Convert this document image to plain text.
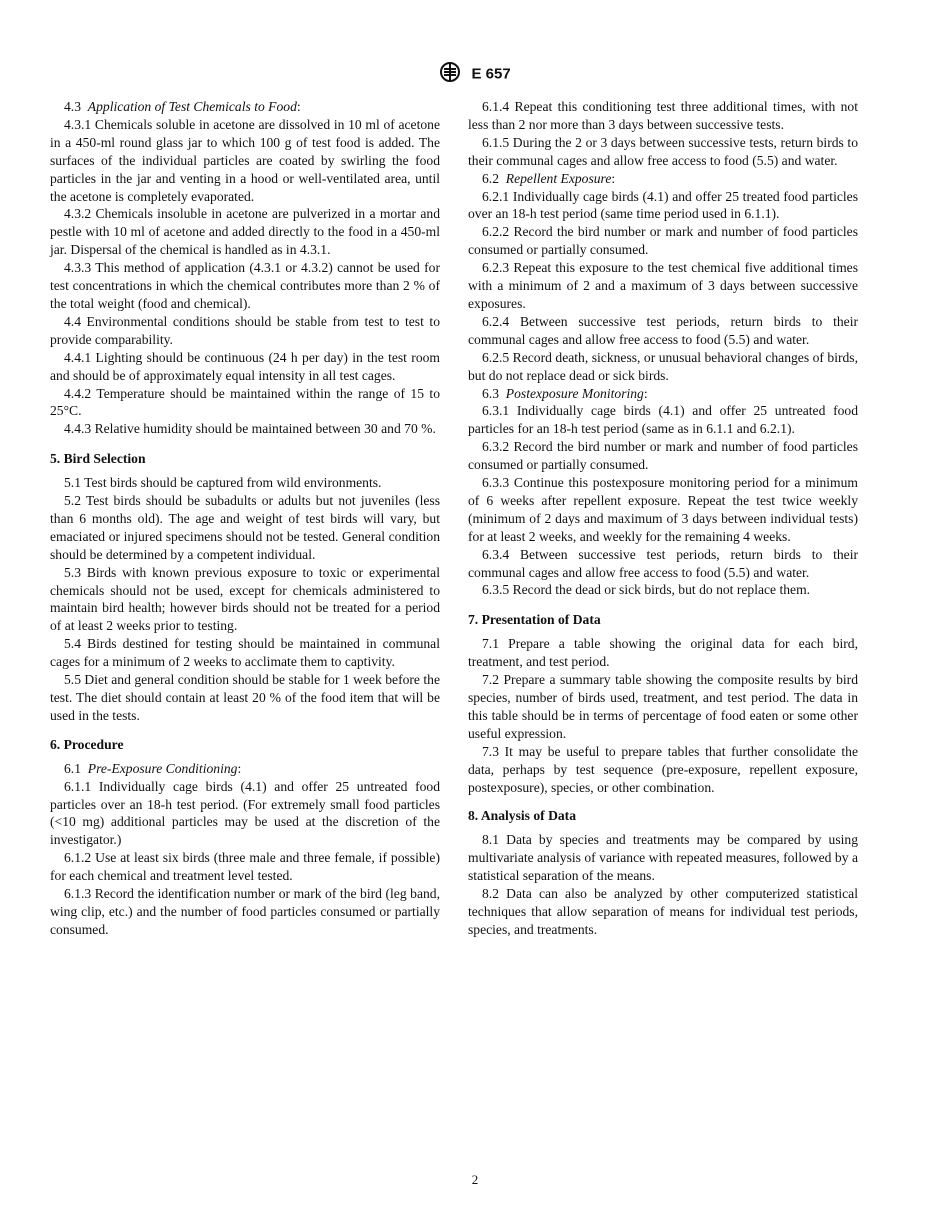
E 657

4.3 Application of Test Chemicals to Food:

4.3.1 Chemicals soluble in acetone are dissolved in 10 ml of acetone in a 450-ml round glass jar to which 100 g of test food is added. The surfaces of the individual particles are coated by swirling the food particles in the jar and venting in a hood or well-ventilated area, until the acetone is completely evaporated.

4.3.2 Chemicals insoluble in acetone are pulverized in a mortar and pestle with 10 ml of acetone and added directly to the food in a 450-ml jar. Dispersal of the chemical is handled as in 4.3.1.

4.3.3 This method of application (4.3.1 or 4.3.2) cannot be used for test concentrations in which the chemical contributes more than 2 % of the total weight (food and chemical).

4.4 Environmental conditions should be stable from test to test to provide comparability.

4.4.1 Lighting should be continuous (24 h per day) in the test room and should be of approximately equal intensity in all test cages.

4.4.2 Temperature should be maintained within the range of 15 to 25°C.

4.4.3 Relative humidity should be maintained between 30 and 70 %.

5. Bird Selection

5.1 Test birds should be captured from wild environments.

5.2 Test birds should be subadults or adults but not juveniles (less than 6 months old). The age and weight of test birds will vary, but emaciated or injured specimens should not be tested. General condition should be determined by a competent individual.

5.3 Birds with known previous exposure to toxic or experimental chemicals should not be used, except for chemicals administered to maintain bird health; however birds should not be treated for a period of at least 2 weeks prior to testing.

5.4 Birds destined for testing should be maintained in communal cages for a minimum of 2 weeks to acclimate them to captivity.

5.5 Diet and general condition should be stable for 1 week before the test. The diet should contain at least 20 % of the food item that will be used in the tests.

6. Procedure

6.1 Pre-Exposure Conditioning:

6.1.1 Individually cage birds (4.1) and offer 25 untreated food particles over an 18-h test period. (For extremely small food particles (<10 mg) additional particles may be used at the discretion of the investigator.)

6.1.2 Use at least six birds (three male and three female, if possible) for each chemical and treatment level tested.

6.1.3 Record the identification number or mark of the bird (leg band, wing clip, etc.) and the number of food particles consumed or partially consumed.

6.1.4 Repeat this conditioning test three additional times, with not less than 2 nor more than 3 days between successive tests.

6.1.5 During the 2 or 3 days between successive tests, return birds to their communal cages and allow free access to food (5.5) and water.

6.2 Repellent Exposure:

6.2.1 Individually cage birds (4.1) and offer 25 treated food particles over an 18-h test period (same time period used in 6.1.1).

6.2.2 Record the bird number or mark and number of food particles consumed or partially consumed.

6.2.3 Repeat this exposure to the test chemical five additional times with a minimum of 2 and a maximum of 3 days between successive exposures.

6.2.4 Between successive test periods, return birds to their communal cages and allow free access to food (5.5) and water.

6.2.5 Record death, sickness, or unusual behavioral changes of birds, but do not replace dead or sick birds.

6.3 Postexposure Monitoring:

6.3.1 Individually cage birds (4.1) and offer 25 untreated food particles for an 18-h test period (same as in 6.1.1 and 6.2.1).

6.3.2 Record the bird number or mark and number of food particles consumed or partially consumed.

6.3.3 Continue this postexposure monitoring period for a minimum of 6 weeks after repellent exposure. Repeat the test twice weekly (minimum of 2 days and maximum of 3 days between individual tests) for at least 2 weeks, and weekly for the remaining 4 weeks.

6.3.4 Between successive test periods, return birds to their communal cages and allow free access to food (5.5) and water.

6.3.5 Record the dead or sick birds, but do not replace them.

7. Presentation of Data

7.1 Prepare a table showing the original data for each bird, treatment, and test period.

7.2 Prepare a summary table showing the composite results by bird species, number of birds used, treatment, and test period. The data in this table should be in terms of percentage of food eaten or some other useful expression.

7.3 It may be useful to prepare tables that further consolidate the data, perhaps by test sequence (pre-exposure, repellent exposure, postexposure), species, or other combination.

8. Analysis of Data

8.1 Data by species and treatments may be compared by using multivariate analysis of variance with repeated measures, followed by a statistical separation of the means.

8.2 Data can also be analyzed by other computerized statistical techniques that allow separation of means for individual test periods, species, and treatments.

2
